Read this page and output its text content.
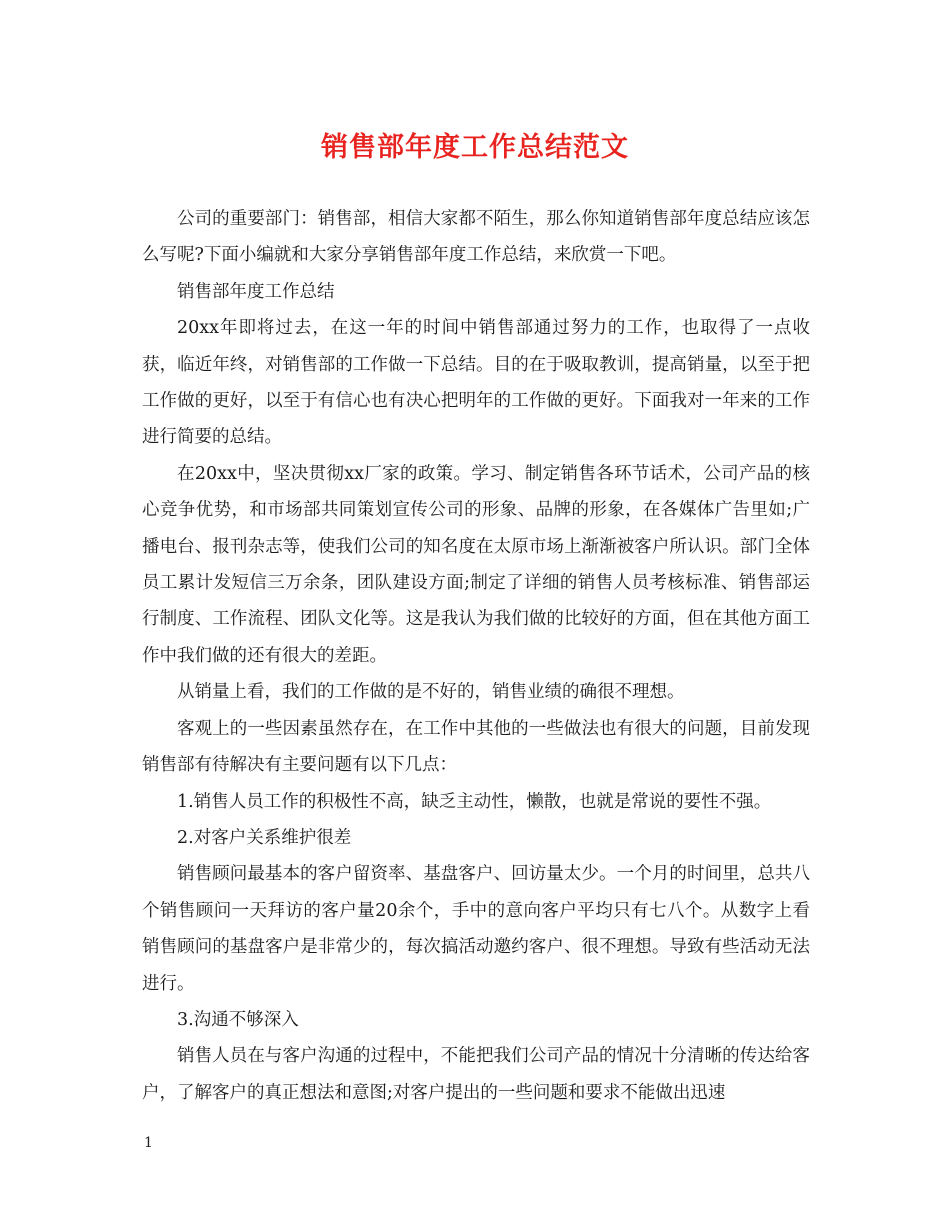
销售部年度工作总结范文

公司的重要部门：销售部，相信大家都不陌生，那么你知道销售部年度总结应该怎么写呢?下面小编就和大家分享销售部年度工作总结，来欣赏一下吧。

销售部年度工作总结

20xx年即将过去，在这一年的时间中销售部通过努力的工作，也取得了一点收获，临近年终，对销售部的工作做一下总结。目的在于吸取教训，提高销量，以至于把工作做的更好，以至于有信心也有决心把明年的工作做的更好。下面我对一年来的工作进行简要的总结。

在20xx中，坚决贯彻xx厂家的政策。学习、制定销售各环节话术，公司产品的核心竞争优势，和市场部共同策划宣传公司的形象、品牌的形象，在各媒体广告里如;广播电台、报刊杂志等，使我们公司的知名度在太原市场上渐渐被客户所认识。部门全体员工累计发短信三万余条，团队建设方面;制定了详细的销售人员考核标准、销售部运行制度、工作流程、团队文化等。这是我认为我们做的比较好的方面，但在其他方面工作中我们做的还有很大的差距。

从销量上看，我们的工作做的是不好的，销售业绩的确很不理想。

客观上的一些因素虽然存在，在工作中其他的一些做法也有很大的问题，目前发现销售部有待解决有主要问题有以下几点：

1.销售人员工作的积极性不高，缺乏主动性，懒散，也就是常说的要性不强。

2.对客户关系维护很差

销售顾问最基本的客户留资率、基盘客户、回访量太少。一个月的时间里，总共八个销售顾问一天拜访的客户量20余个，手中的意向客户平均只有七八个。从数字上看销售顾问的基盘客户是非常少的，每次搞活动邀约客户、很不理想。导致有些活动无法进行。

3.沟通不够深入

销售人员在与客户沟通的过程中，不能把我们公司产品的情况十分清晰的传达给客户，了解客户的真正想法和意图;对客户提出的一些问题和要求不能做出迅速

1
